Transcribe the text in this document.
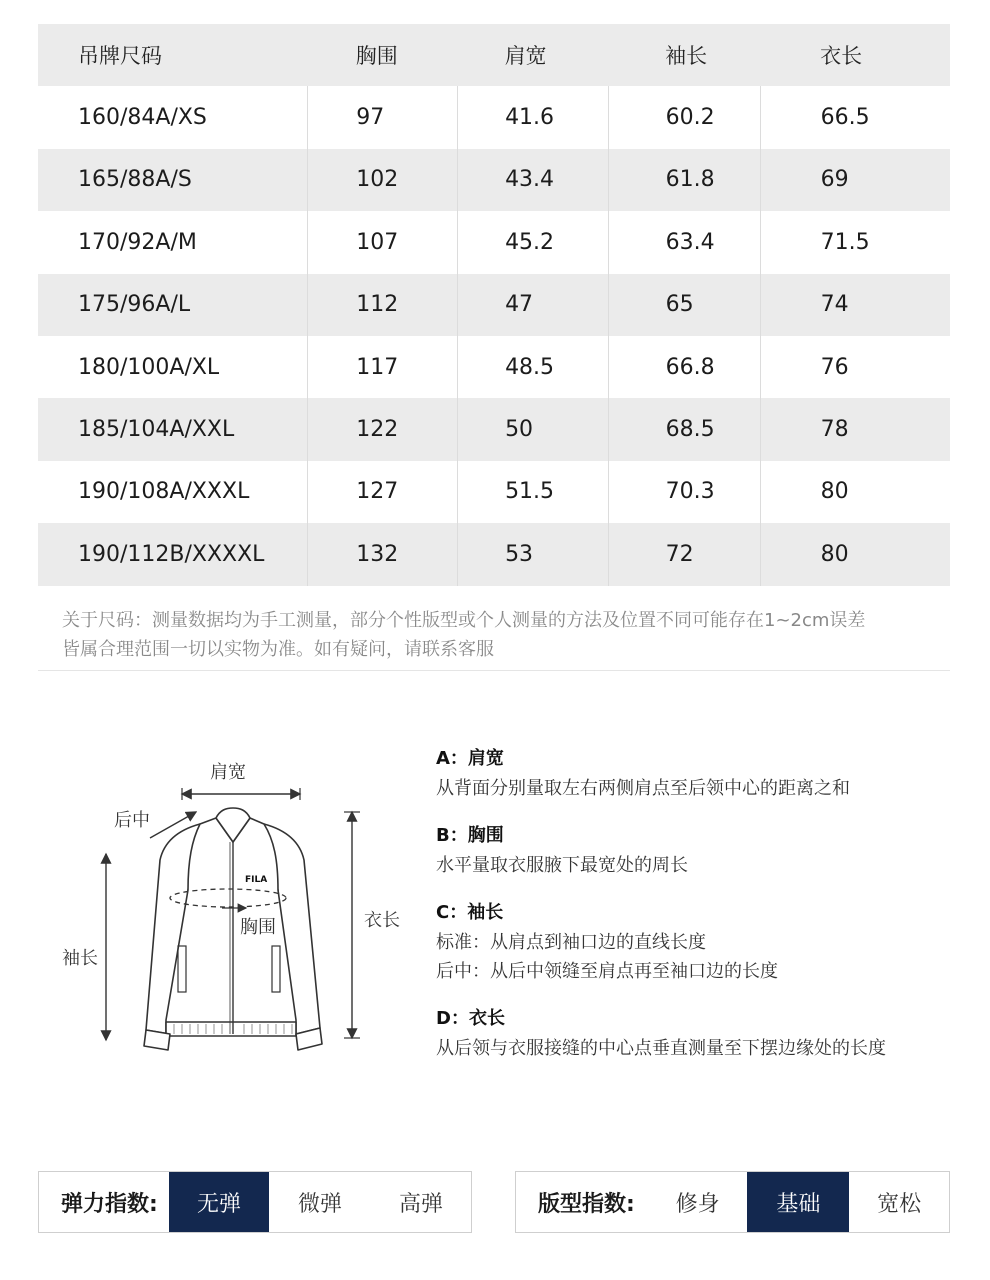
吊牌尺码	胸围	肩宽	袖长	衣长
160/84A/XS	97	41.6	60.2	66.5
165/88A/S	102	43.4	61.8	69
170/92A/M	107	45.2	63.4	71.5
175/96A/L	112	47	65	74
180/100A/XL	117	48.5	66.8	76
185/104A/XXL	122	50	68.5	78
190/108A/XXXL	127	51.5	70.3	80
190/112B/XXXXL	132	53	72	80
关于尺码：测量数据均为手工测量，部分个性版型或个人测量的方法及位置不同可能存在1~2cm误差
皆属合理范围一切以实物为准。如有疑问，请联系客服
FILA
肩宽
后中
胸围
袖长
衣长
A：肩宽
从背面分别量取左右两侧肩点至后领中心的距离之和
B：胸围
水平量取衣服腋下最宽处的周长
C：袖长
标准：从肩点到袖口边的直线长度
后中：从后中领缝至肩点再至袖口边的长度
D：衣长
从后领与衣服接缝的中心点垂直测量至下摆边缘处的长度
弹力指数:	无弹	微弹	高弹	版型指数:	修身	基础	宽松
